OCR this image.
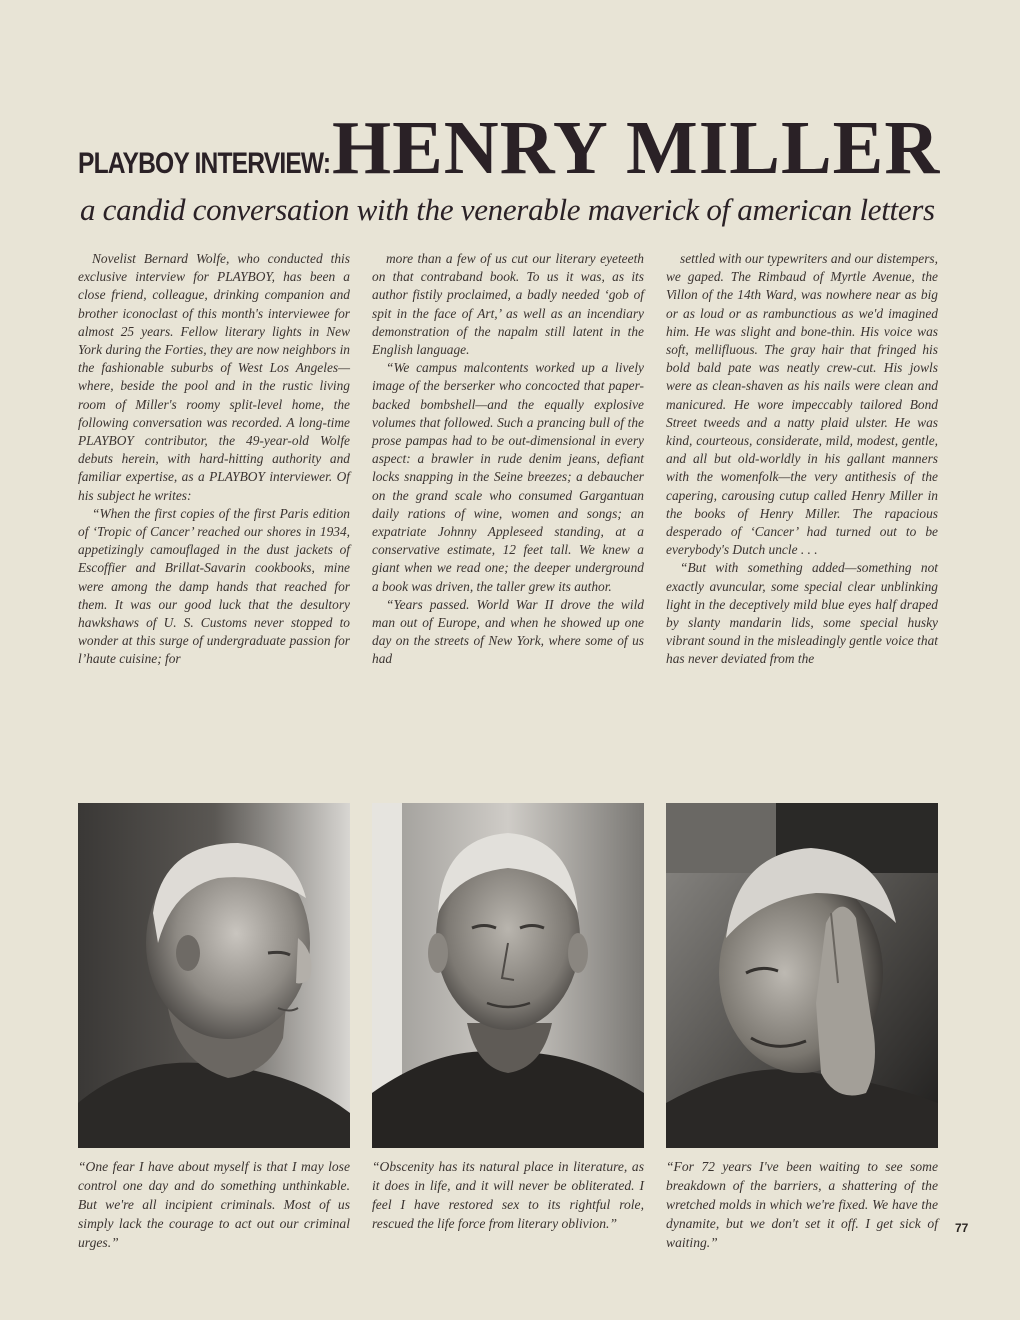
PLAYBOY INTERVIEW: HENRY MILLER
a candid conversation with the venerable maverick of american letters

Novelist Bernard Wolfe, who conducted this exclusive interview for PLAYBOY, has been a close friend, colleague, drinking companion and brother iconoclast of this month's interviewee for almost 25 years. Fellow literary lights in New York during the Forties, they are now neighbors in the fashionable suburbs of West Los Angeles—where, beside the pool and in the rustic living room of Miller's roomy split-level home, the following conversation was recorded. A long-time PLAYBOY contributor, the 49-year-old Wolfe debuts herein, with hard-hitting authority and familiar expertise, as a PLAYBOY interviewer. Of his subject he writes:

“When the first copies of the first Paris edition of ‘Tropic of Cancer’ reached our shores in 1934, appetizingly camouflaged in the dust jackets of Escoffier and Brillat-Savarin cookbooks, mine were among the damp hands that reached for them. It was our good luck that the desultory hawkshaws of U. S. Customs never stopped to wonder at this surge of undergraduate passion for l’haute cuisine; for

more than a few of us cut our literary eyeteeth on that contraband book. To us it was, as its author fistily proclaimed, a badly needed ‘gob of spit in the face of Art,’ as well as an incendiary demonstration of the napalm still latent in the English language.

“We campus malcontents worked up a lively image of the berserker who concocted that paper-backed bombshell—and the equally explosive volumes that followed. Such a prancing bull of the prose pampas had to be out-dimensional in every aspect: a brawler in rude denim jeans, defiant locks snapping in the Seine breezes; a debaucher on the grand scale who consumed Gargantuan daily rations of wine, women and songs; an expatriate Johnny Appleseed standing, at a conservative estimate, 12 feet tall. We knew a giant when we read one; the deeper underground a book was driven, the taller grew its author.

“Years passed. World War II drove the wild man out of Europe, and when he showed up one day on the streets of New York, where some of us had

settled with our typewriters and our distempers, we gaped. The Rimbaud of Myrtle Avenue, the Villon of the 14th Ward, was nowhere near as big or as loud or as rambunctious as we'd imagined him. He was slight and bone-thin. His voice was soft, mellifluous. The gray hair that fringed his bold bald pate was neatly crew-cut. His jowls were as clean-shaven as his nails were clean and manicured. He wore impeccably tailored Bond Street tweeds and a natty plaid ulster. He was kind, courteous, considerate, mild, modest, gentle, and all but old-worldly in his gallant manners with the womenfolk—the very antithesis of the capering, carousing cutup called Henry Miller in the books of Henry Miller. The rapacious desperado of ‘Cancer’ had turned out to be everybody's Dutch uncle . . .

“But with something added—something not exactly avuncular, some special clear unblinking light in the deceptively mild blue eyes half draped by slanty mandarin lids, some special husky vibrant sound in the misleadingly gentle voice that has never deviated from the

“One fear I have about myself is that I may lose control one day and do something unthinkable. But we're all incipient criminals. Most of us simply lack the courage to act out our criminal urges.”
“Obscenity has its natural place in literature, as it does in life, and it will never be obliterated. I feel I have restored sex to its rightful role, rescued the life force from literary oblivion.”
“For 72 years I've been waiting to see some breakdown of the barriers, a shattering of the wretched molds in which we're fixed. We have the dynamite, but we don't set it off. I get sick of waiting.”
77
